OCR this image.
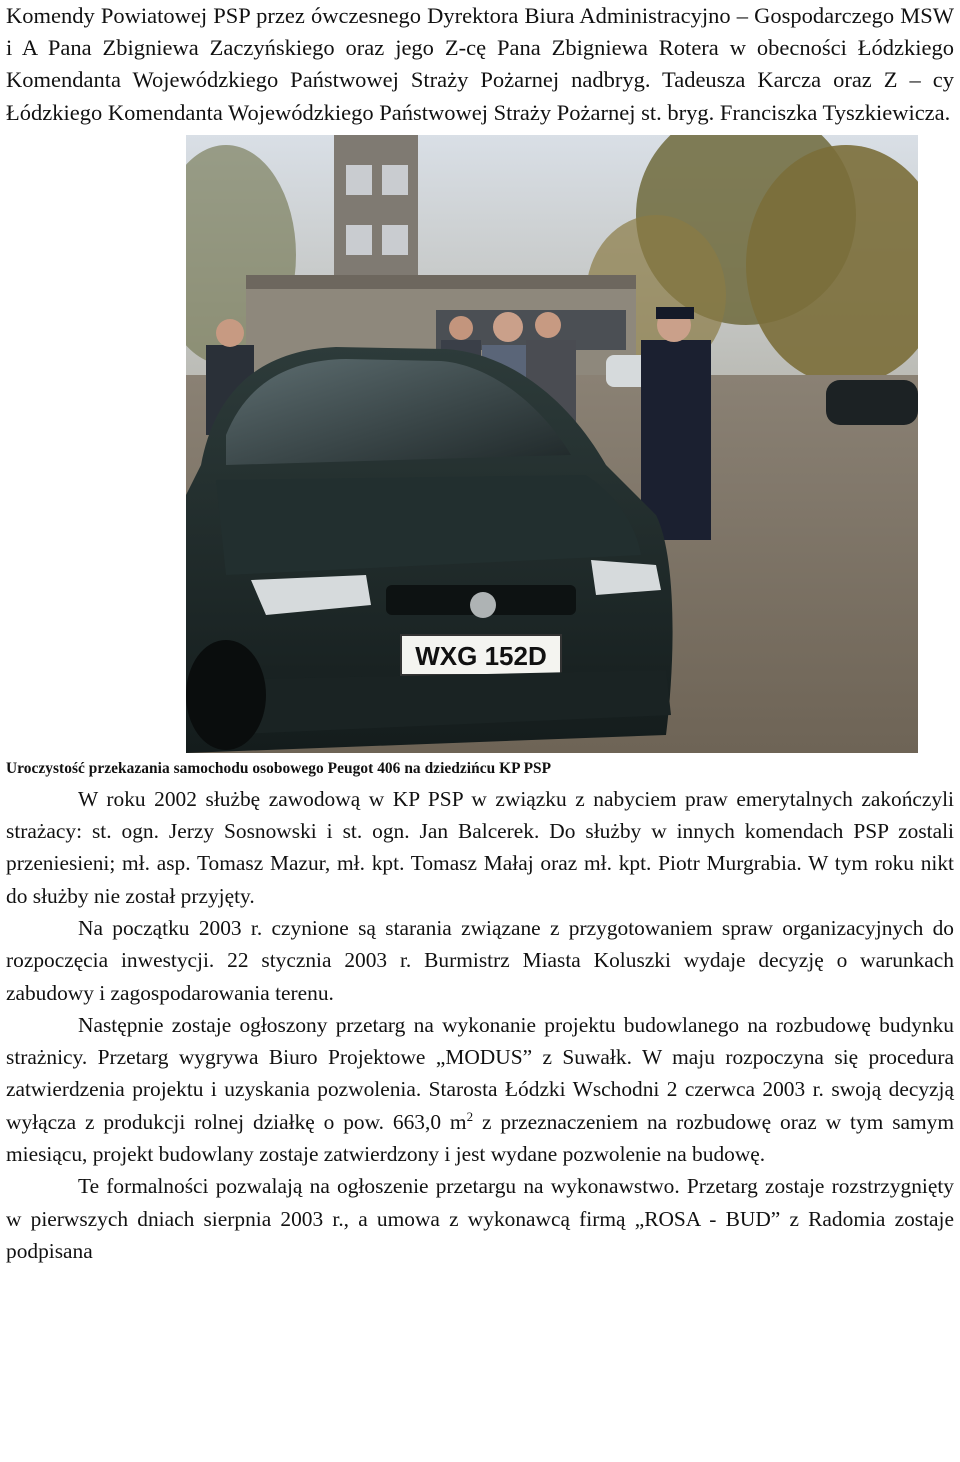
Komendy Powiatowej PSP przez ówczesnego Dyrektora Biura Administracyjno – Gospodarczego MSW i A Pana Zbigniewa Zaczyńskiego oraz jego Z-cę Pana Zbigniewa Rotera w obecności Łódzkiego Komendanta Wojewódzkiego Państwowej Straży Pożarnej nadbryg. Tadeusza Karcza oraz Z – cy Łódzkiego Komendanta Wojewódzkiego Państwowej Straży Pożarnej st. bryg. Franciszka Tyszkiewicza.

WXG 152D

Uroczystość przekazania samochodu osobowego Peugot 406 na dziedzińcu KP PSP

W roku 2002 służbę zawodową w KP PSP w związku z nabyciem praw emerytalnych zakończyli strażacy: st. ogn. Jerzy Sosnowski i st. ogn. Jan Balcerek. Do służby w innych komendach PSP zostali przeniesieni; mł. asp. Tomasz Mazur, mł. kpt. Tomasz Małaj oraz mł. kpt. Piotr Murgrabia. W tym roku nikt do służby nie został przyjęty.

Na początku 2003 r. czynione są starania związane z przygotowaniem spraw organizacyjnych do rozpoczęcia inwestycji. 22 stycznia 2003 r. Burmistrz Miasta Koluszki wydaje decyzję o warunkach zabudowy i zagospodarowania terenu.

Następnie zostaje ogłoszony przetarg na wykonanie projektu budowlanego na rozbudowę budynku strażnicy. Przetarg wygrywa Biuro Projektowe „MODUS” z Suwałk. W maju rozpoczyna się procedura zatwierdzenia projektu i uzyskania pozwolenia. Starosta Łódzki Wschodni 2 czerwca 2003 r. swoją decyzją wyłącza z produkcji rolnej działkę o pow. 663,0 $m^2$ z przeznaczeniem na rozbudowę oraz w tym samym miesiącu, projekt budowlany zostaje zatwierdzony i jest wydane pozwolenie na budowę.

Te formalności pozwalają na ogłoszenie przetargu na wykonawstwo. Przetarg zostaje rozstrzygnięty w pierwszych dniach sierpnia 2003 r., a umowa z wykonawcą firmą „ROSA - BUD” z Radomia zostaje podpisana
